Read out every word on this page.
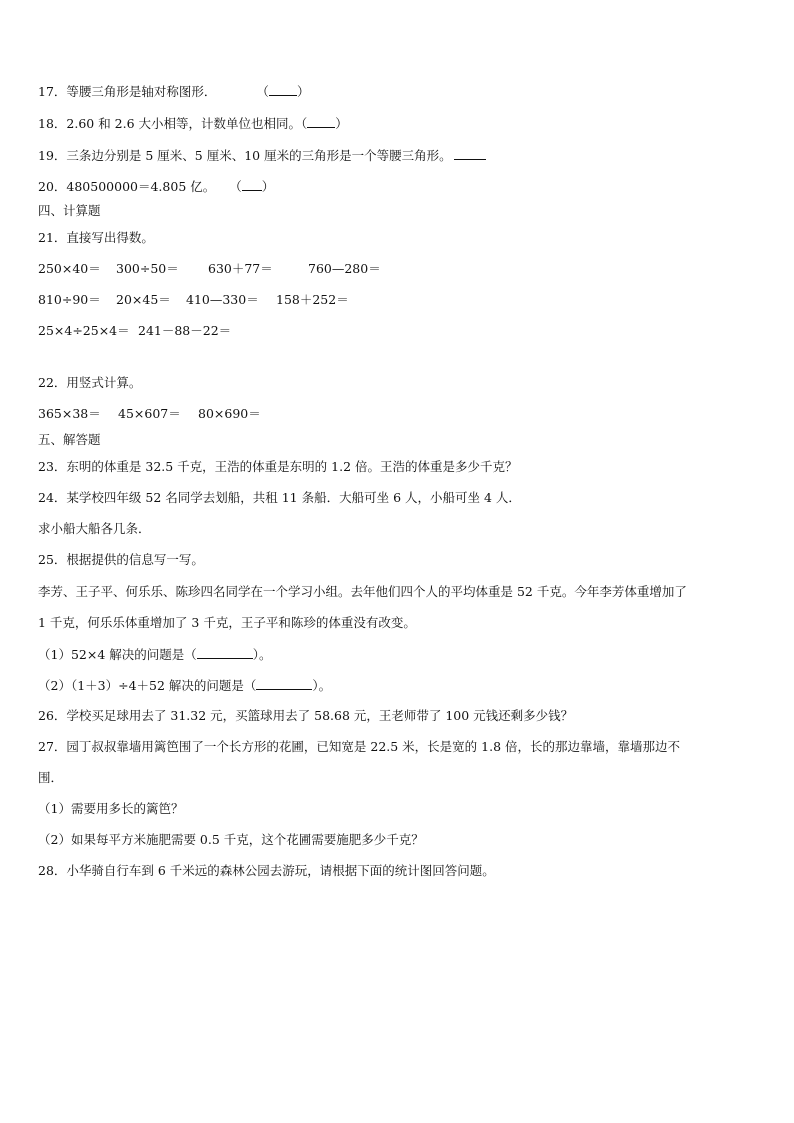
17．等腰三角形是轴对称图形．	（ ）
18．2.60 和 2.6 大小相等，计数单位也相同。（ ）
19．三条边分别是 5 厘米、5 厘米、10 厘米的三角形是一个等腰三角形。
20．480500000＝4.805 亿。 （ ）
四、计算题
21．直接写出得数。
250×40＝ 300÷50＝ 630＋77＝	760—280＝
810÷90＝ 20×45＝ 410—330＝ 158＋252＝
25×4÷25×4＝ 241－88－22＝
22．用竖式计算。
365×38＝ 45×607＝ 80×690＝
五、解答题
23．东明的体重是 32.5 千克，王浩的体重是东明的 1.2 倍。王浩的体重是多少千克？
24．某学校四年级 52 名同学去划船，共租 11 条船．大船可坐 6 人，小船可坐 4 人．
求小船大船各几条．
25．根据提供的信息写一写。
李芳、王子平、何乐乐、陈珍四名同学在一个学习小组。去年他们四个人的平均体重是 52 千克。今年李芳体重增加了
1 千克，何乐乐体重增加了 3 千克，王子平和陈珍的体重没有改变。
（1）52×4 解决的问题是（	）。
（2）（1＋3）÷4＋52 解决的问题是（	）。
26．学校买足球用去了 31.32 元，买篮球用去了 58.68 元，王老师带了 100 元钱还剩多少钱？
27．园丁叔叔靠墙用篱笆围了一个长方形的花圃，已知宽是 22.5 米，长是宽的 1.8 倍，长的那边靠墙，靠墙那边不
围．
（1）需要用多长的篱笆？
（2）如果每平方米施肥需要 0.5 千克，这个花圃需要施肥多少千克？
28．小华骑自行车到 6 千米远的森林公园去游玩，请根据下面的统计图回答问题。
